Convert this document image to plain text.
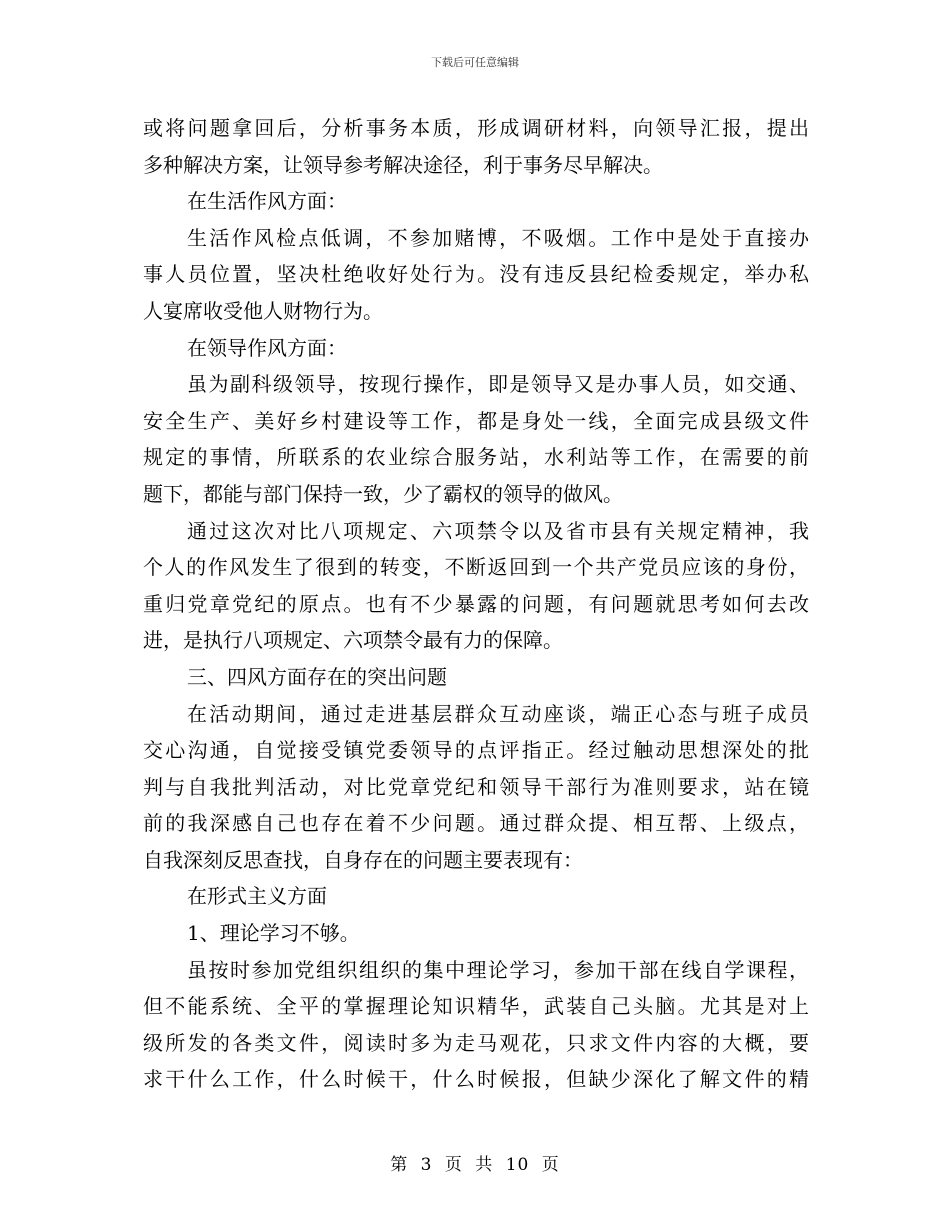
下载后可任意编辑
或将问题拿回后，分析事务本质，形成调研材料，向领导汇报，提出
多种解决方案，让领导参考解决途径，利于事务尽早解决。
在生活作风方面：
生活作风检点低调，不参加赌博，不吸烟。工作中是处于直接办
事人员位置，坚决杜绝收好处行为。没有违反县纪检委规定，举办私
人宴席收受他人财物行为。
在领导作风方面：
虽为副科级领导，按现行操作，即是领导又是办事人员，如交通、
安全生产、美好乡村建设等工作，都是身处一线，全面完成县级文件
规定的事情，所联系的农业综合服务站，水利站等工作，在需要的前
题下，都能与部门保持一致，少了霸权的领导的做风。
通过这次对比八项规定、六项禁令以及省市县有关规定精神，我
个人的作风发生了很到的转变，不断返回到一个共产党员应该的身份，
重归党章党纪的原点。也有不少暴露的问题，有问题就思考如何去改
进，是执行八项规定、六项禁令最有力的保障。
三、四风方面存在的突出问题
在活动期间，通过走进基层群众互动座谈，端正心态与班子成员
交心沟通，自觉接受镇党委领导的点评指正。经过触动思想深处的批
判与自我批判活动，对比党章党纪和领导干部行为准则要求，站在镜
前的我深感自己也存在着不少问题。通过群众提、相互帮、上级点，
自我深刻反思查找，自身存在的问题主要表现有：
在形式主义方面
1、理论学习不够。
虽按时参加党组织组织的集中理论学习，参加干部在线自学课程，
但不能系统、全平的掌握理论知识精华，武装自己头脑。尤其是对上
级所发的各类文件，阅读时多为走马观花，只求文件内容的大概，要
求干什么工作，什么时候干，什么时候报，但缺少深化了解文件的精
第 3 页 共 10 页
